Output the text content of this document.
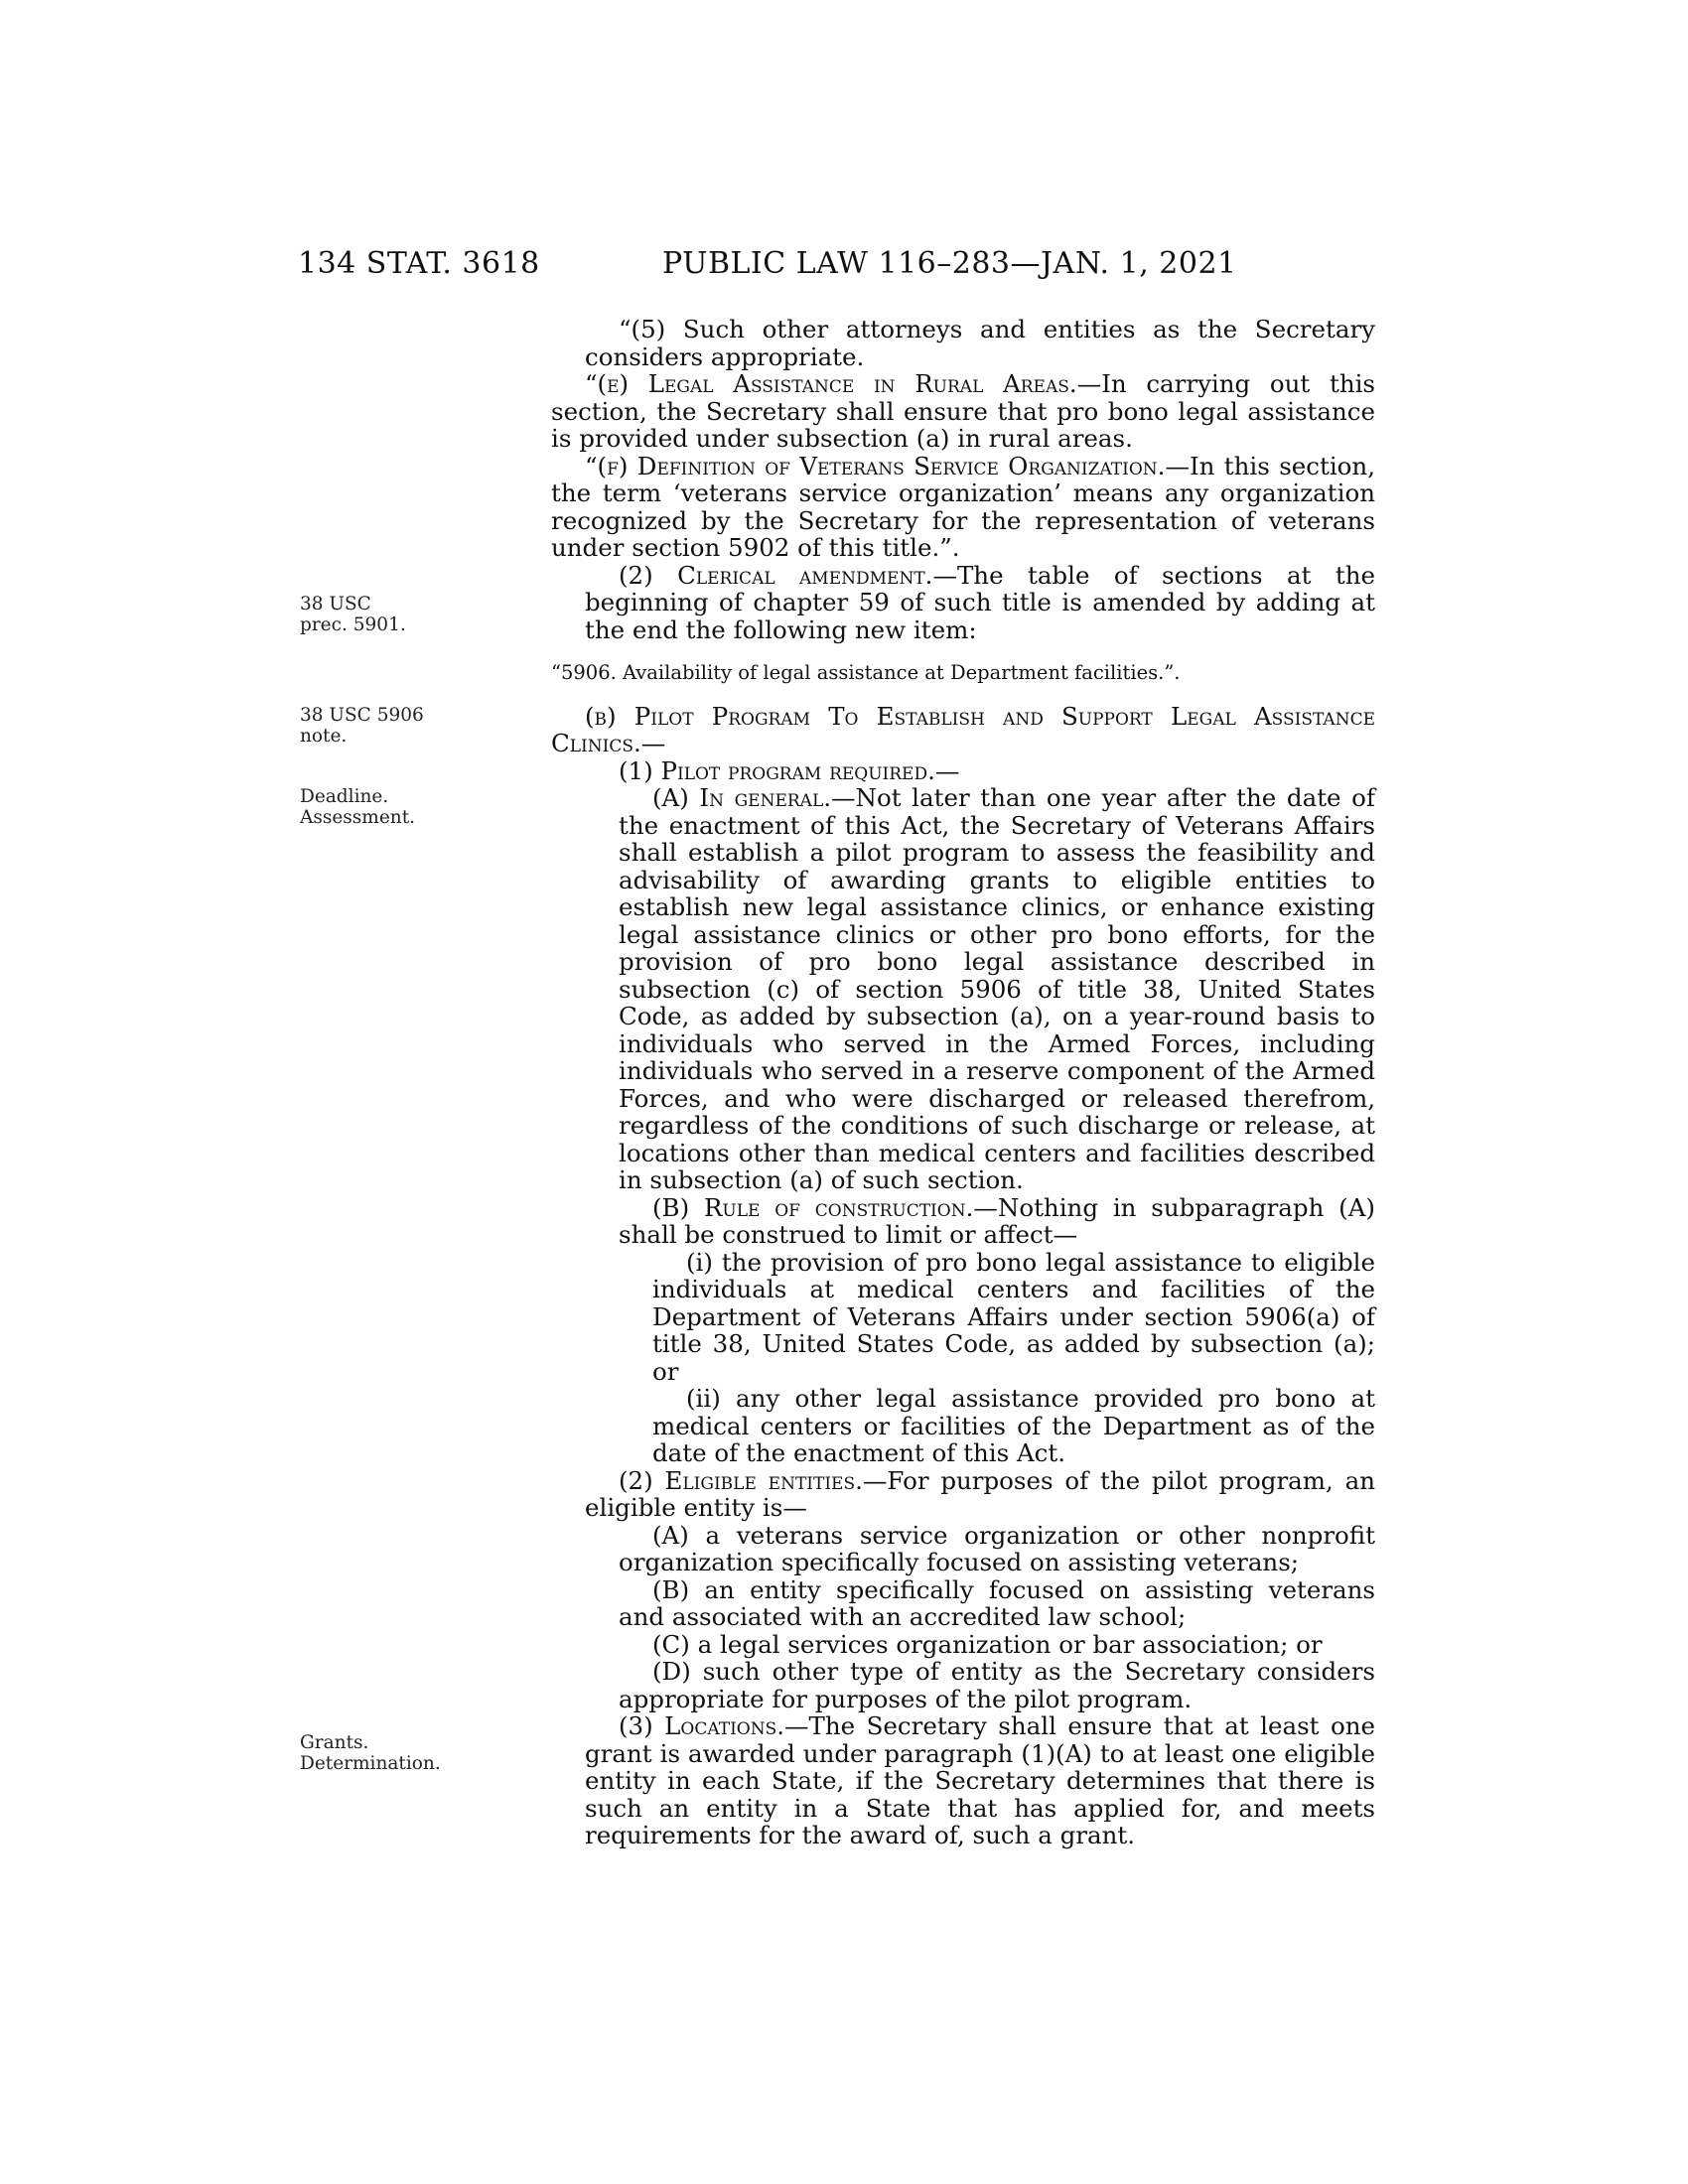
134 STAT. 3618	PUBLIC LAW 116–283—JAN. 1, 2021
38 USC
prec. 5901.
38 USC 5906
note.
Deadline.
Assessment.
Grants.
Determination.
“(5) Such other attorneys and entities as the Secretary considers appropriate.
“(e) Legal Assistance in Rural Areas.—In carrying out this section, the Secretary shall ensure that pro bono legal assistance is provided under subsection (a) in rural areas.
“(f) Definition of Veterans Service Organization.—In this section, the term ‘veterans service organization’ means any organization recognized by the Secretary for the representation of veterans under section 5902 of this title.”.
(2) Clerical amendment.—The table of sections at the beginning of chapter 59 of such title is amended by adding at the end the following new item:
“5906. Availability of legal assistance at Department facilities.”.
(b) Pilot Program To Establish and Support Legal Assistance Clinics.—
(1) Pilot program required.—
(A) In general.—Not later than one year after the date of the enactment of this Act, the Secretary of Veterans Affairs shall establish a pilot program to assess the feasibility and advisability of awarding grants to eligible entities to establish new legal assistance clinics, or enhance existing legal assistance clinics or other pro bono efforts, for the provision of pro bono legal assistance described in subsection (c) of section 5906 of title 38, United States Code, as added by subsection (a), on a year-round basis to individuals who served in the Armed Forces, including individuals who served in a reserve component of the Armed Forces, and who were discharged or released therefrom, regardless of the conditions of such discharge or release, at locations other than medical centers and facilities described in subsection (a) of such section.
(B) Rule of construction.—Nothing in subparagraph (A) shall be construed to limit or affect—
(i) the provision of pro bono legal assistance to eligible individuals at medical centers and facilities of the Department of Veterans Affairs under section 5906(a) of title 38, United States Code, as added by subsection (a); or
(ii) any other legal assistance provided pro bono at medical centers or facilities of the Department as of the date of the enactment of this Act.
(2) Eligible entities.—For purposes of the pilot program, an eligible entity is—
(A) a veterans service organization or other nonprofit organization specifically focused on assisting veterans;
(B) an entity specifically focused on assisting veterans and associated with an accredited law school;
(C) a legal services organization or bar association; or
(D) such other type of entity as the Secretary considers appropriate for purposes of the pilot program.
(3) Locations.—The Secretary shall ensure that at least one grant is awarded under paragraph (1)(A) to at least one eligible entity in each State, if the Secretary determines that there is such an entity in a State that has applied for, and meets requirements for the award of, such a grant.
